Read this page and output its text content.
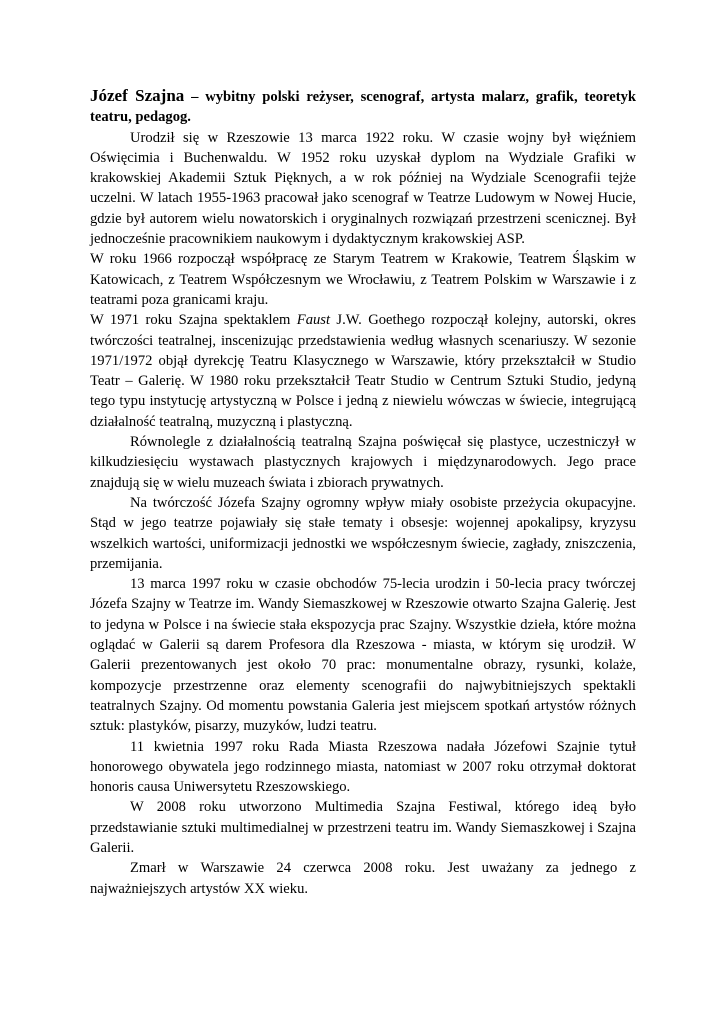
Józef Szajna – wybitny polski reżyser, scenograf, artysta malarz, grafik, teoretyk teatru, pedagog.

Urodził się w Rzeszowie 13 marca 1922 roku. W czasie wojny był więźniem Oświęcimia i Buchenwaldu. W 1952 roku uzyskał dyplom na Wydziale Grafiki w krakowskiej Akademii Sztuk Pięknych, a w rok później na Wydziale Scenografii tejże uczelni. W latach 1955-1963 pracował jako scenograf w Teatrze Ludowym w Nowej Hucie, gdzie był autorem wielu nowatorskich i oryginalnych rozwiązań przestrzeni scenicznej. Był jednocześnie pracownikiem naukowym i dydaktycznym krakowskiej ASP.

W roku 1966 rozpoczął współpracę ze Starym Teatrem w Krakowie, Teatrem Śląskim w Katowicach, z Teatrem Współczesnym we Wrocławiu, z Teatrem Polskim w Warszawie i z teatrami poza granicami kraju.

W 1971 roku Szajna spektaklem Faust J.W. Goethego rozpoczął kolejny, autorski, okres twórczości teatralnej, inscenizując przedstawienia według własnych scenariuszy. W sezonie 1971/1972 objął dyrekcję Teatru Klasycznego w Warszawie, który przekształcił w Studio Teatr – Galerię. W 1980 roku przekształcił Teatr Studio w Centrum Sztuki Studio, jedyną tego typu instytucję artystyczną w Polsce i jedną z niewielu wówczas w świecie, integrującą działalność teatralną, muzyczną i plastyczną.

Równolegle z działalnością teatralną Szajna poświęcał się plastyce, uczestniczył w kilkudziesięciu wystawach plastycznych krajowych i międzynarodowych. Jego prace znajdują się w wielu muzeach świata i zbiorach prywatnych.

Na twórczość Józefa Szajny ogromny wpływ miały osobiste przeżycia okupacyjne. Stąd w jego teatrze pojawiały się stałe tematy i obsesje: wojennej apokalipsy, kryzysu wszelkich wartości, uniformizacji jednostki we współczesnym świecie, zagłady, zniszczenia, przemijania.

13 marca 1997 roku w czasie obchodów 75-lecia urodzin i 50-lecia pracy twórczej Józefa Szajny w Teatrze im. Wandy Siemaszkowej w Rzeszowie otwarto Szajna Galerię. Jest to jedyna w Polsce i na świecie stała ekspozycja prac Szajny. Wszystkie dzieła, które można oglądać w Galerii są darem Profesora dla Rzeszowa - miasta, w którym się urodził. W Galerii prezentowanych jest około 70 prac: monumentalne obrazy, rysunki, kolaże, kompozycje przestrzenne oraz elementy scenografii do najwybitniejszych spektakli teatralnych Szajny. Od momentu powstania Galeria jest miejscem spotkań artystów różnych sztuk: plastyków, pisarzy, muzyków, ludzi teatru.

11 kwietnia 1997 roku Rada Miasta Rzeszowa nadała Józefowi Szajnie tytuł honorowego obywatela jego rodzinnego miasta, natomiast w 2007 roku otrzymał doktorat honoris causa Uniwersytetu Rzeszowskiego.

W 2008 roku utworzono Multimedia Szajna Festiwal, którego ideą było przedstawianie sztuki multimedialnej w przestrzeni teatru im. Wandy Siemaszkowej i Szajna Galerii.

Zmarł w Warszawie 24 czerwca 2008 roku. Jest uważany za jednego z najważniejszych artystów XX wieku.
